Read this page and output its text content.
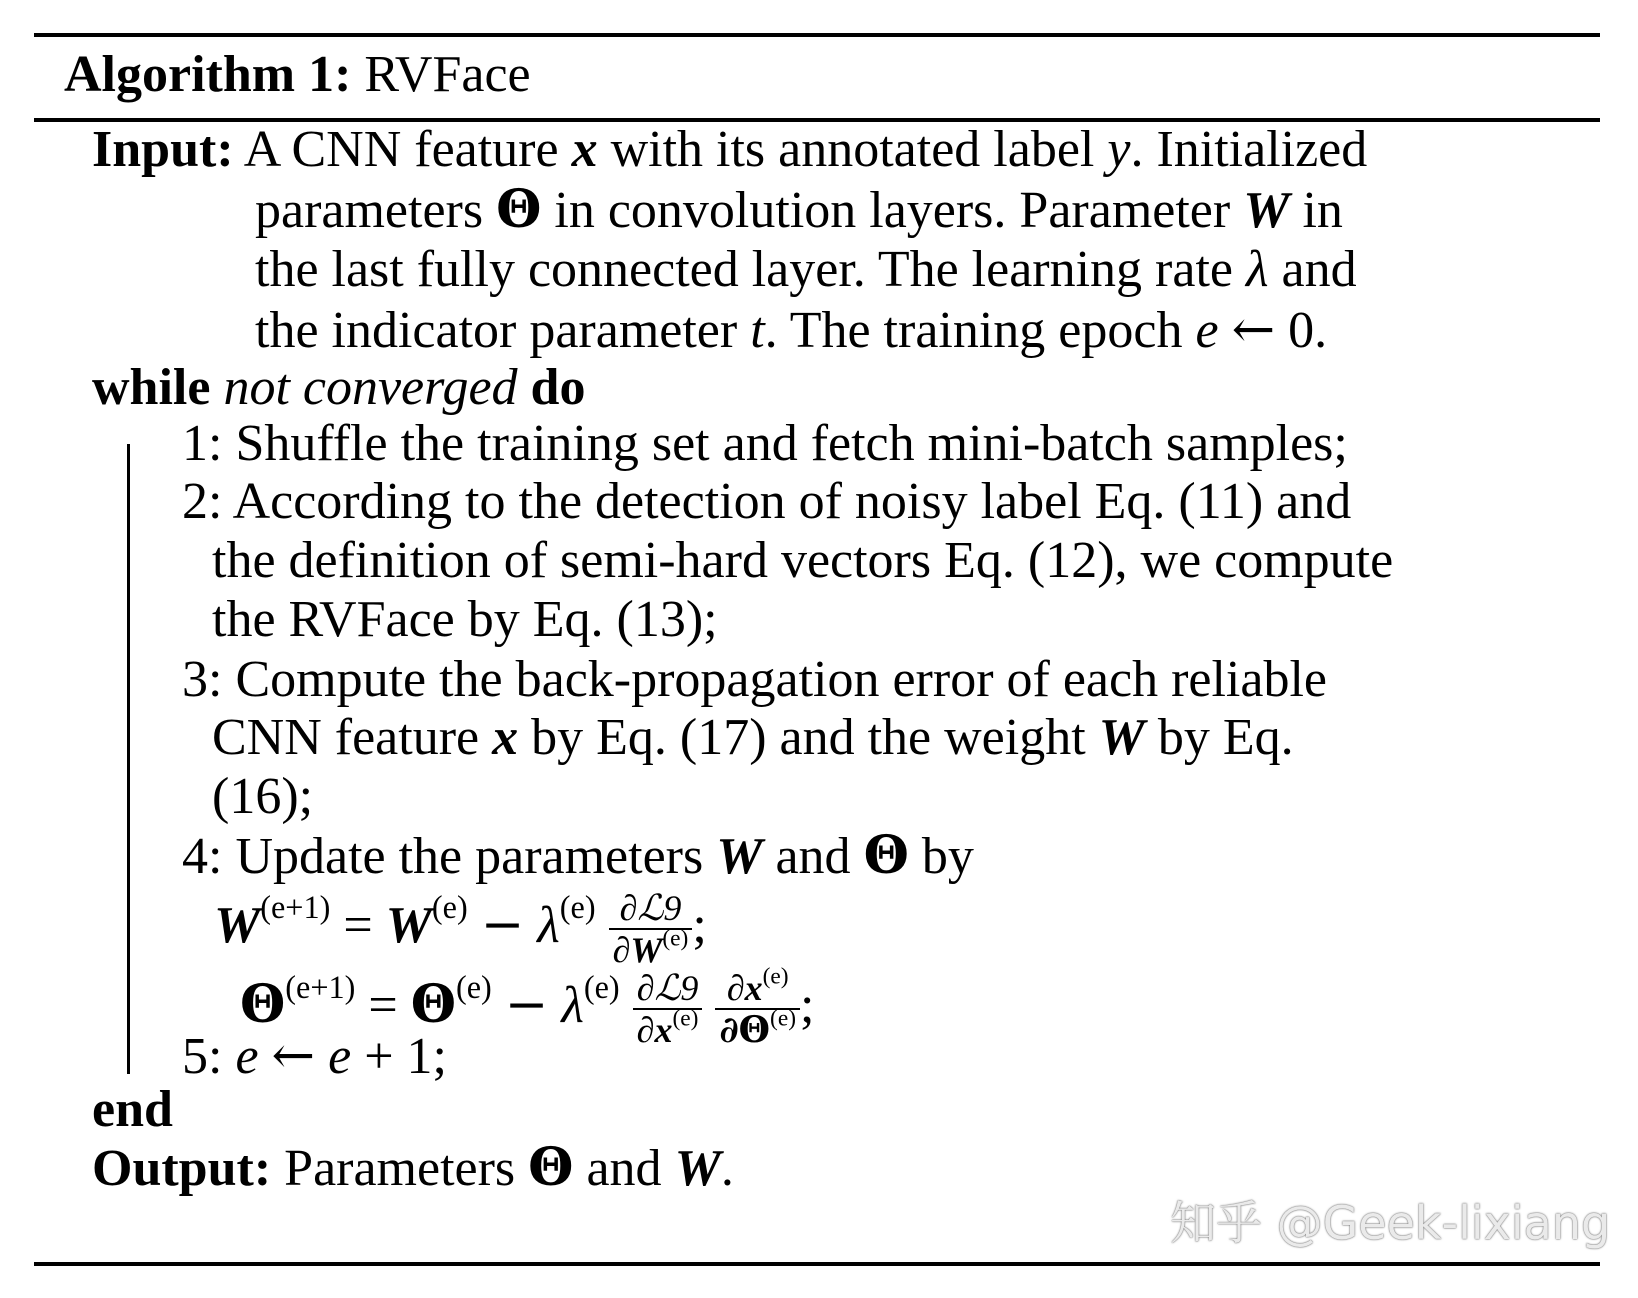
Algorithm 1: RVFace
Input: A CNN feature x with its annotated label y. Initialized
parameters Θ in convolution layers. Parameter W in
the last fully connected layer. The learning rate λ and
the indicator parameter t. The training epoch e ← 0.
while not converged do
1: Shuffle the training set and fetch mini-batch samples;
2: According to the detection of noisy label Eq. (11) and
the definition of semi-hard vectors Eq. (12), we compute
the RVFace by Eq. (13);
3: Compute the back-propagation error of each reliable
CNN feature x by Eq. (17) and the weight W by Eq.
(16);
4: Update the parameters W and Θ by
$W^{(e+1)} = W^{(e)} - \lambda^{(e)} \frac{\text{∂ℒ9}}{\partial W^{(e)}}$ ;
$\Theta^{(e+1)} = \Theta^{(e)} - \lambda^{(e)} \frac{\text{∂ℒ9}}{\partial x^{(e)}}$
$\frac{\partial x^{(e)}}{\partial\Theta^{(e)}}$ ;
5: e ← e + 1;
end
Output: Parameters Θ and W.
知乎 @Geek-lixiang
